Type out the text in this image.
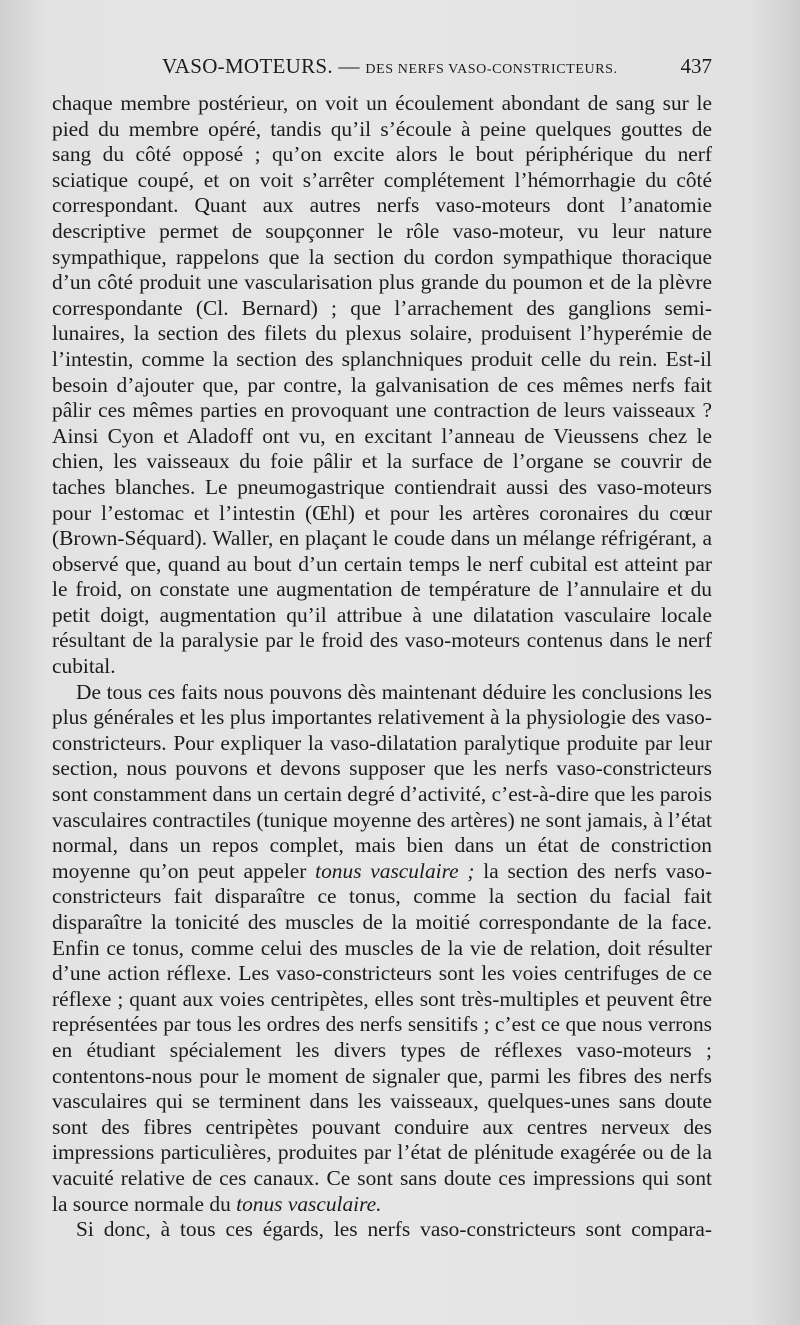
VASO-MOTEURS. — DES NERFS VASO-CONSTRICTEURS.	437

chaque membre postérieur, on voit un écoulement abondant de sang sur le pied du membre opéré, tandis qu’il s’écoule à peine quelques gouttes de sang du côté opposé ; qu’on excite alors le bout périphérique du nerf sciatique coupé, et on voit s’arrêter complétement l’hémorrhagie du côté correspondant. Quant aux autres nerfs vaso-moteurs dont l’anatomie descriptive permet de soupçonner le rôle vaso-moteur, vu leur nature sympathique, rappelons que la section du cordon sympathique thoracique d’un côté produit une vascularisation plus grande du poumon et de la plèvre correspondante (Cl. Bernard) ; que l’arrachement des ganglions semi-lunaires, la section des filets du plexus solaire, produisent l’hyperémie de l’intestin, comme la section des splanchniques produit celle du rein. Est-il besoin d’ajouter que, par contre, la galvanisation de ces mêmes nerfs fait pâlir ces mêmes parties en provoquant une contraction de leurs vaisseaux ? Ainsi Cyon et Aladoff ont vu, en excitant l’anneau de Vieussens chez le chien, les vaisseaux du foie pâlir et la surface de l’organe se couvrir de taches blanches. Le pneumogastrique contiendrait aussi des vaso-moteurs pour l’estomac et l’intestin (Œhl) et pour les artères coronaires du cœur (Brown-Séquard). Waller, en plaçant le coude dans un mélange réfrigérant, a observé que, quand au bout d’un certain temps le nerf cubital est atteint par le froid, on constate une augmentation de température de l’annulaire et du petit doigt, augmentation qu’il attribue à une dilatation vasculaire locale résultant de la paralysie par le froid des vaso-moteurs contenus dans le nerf cubital.

De tous ces faits nous pouvons dès maintenant déduire les conclusions les plus générales et les plus importantes relativement à la physiologie des vaso-constricteurs. Pour expliquer la vaso-dilatation paralytique produite par leur section, nous pouvons et devons supposer que les nerfs vaso-constricteurs sont constamment dans un certain degré d’activité, c’est-à-dire que les parois vasculaires contractiles (tunique moyenne des artères) ne sont jamais, à l’état normal, dans un repos complet, mais bien dans un état de constriction moyenne qu’on peut appeler tonus vasculaire ; la section des nerfs vaso-constricteurs fait disparaître ce tonus, comme la section du facial fait disparaître la tonicité des muscles de la moitié correspondante de la face. Enfin ce tonus, comme celui des muscles de la vie de relation, doit résulter d’une action réflexe. Les vaso-constricteurs sont les voies centrifuges de ce réflexe ; quant aux voies centripètes, elles sont très-multiples et peuvent être représentées par tous les ordres des nerfs sensitifs ; c’est ce que nous verrons en étudiant spécialement les divers types de réflexes vaso-moteurs ; contentons-nous pour le moment de signaler que, parmi les fibres des nerfs vasculaires qui se terminent dans les vaisseaux, quelques-unes sans doute sont des fibres centripètes pouvant conduire aux centres nerveux des impressions particulières, produites par l’état de plénitude exagérée ou de la vacuité relative de ces canaux. Ce sont sans doute ces impressions qui sont la source normale du tonus vasculaire.

Si donc, à tous ces égards, les nerfs vaso-constricteurs sont compara-
